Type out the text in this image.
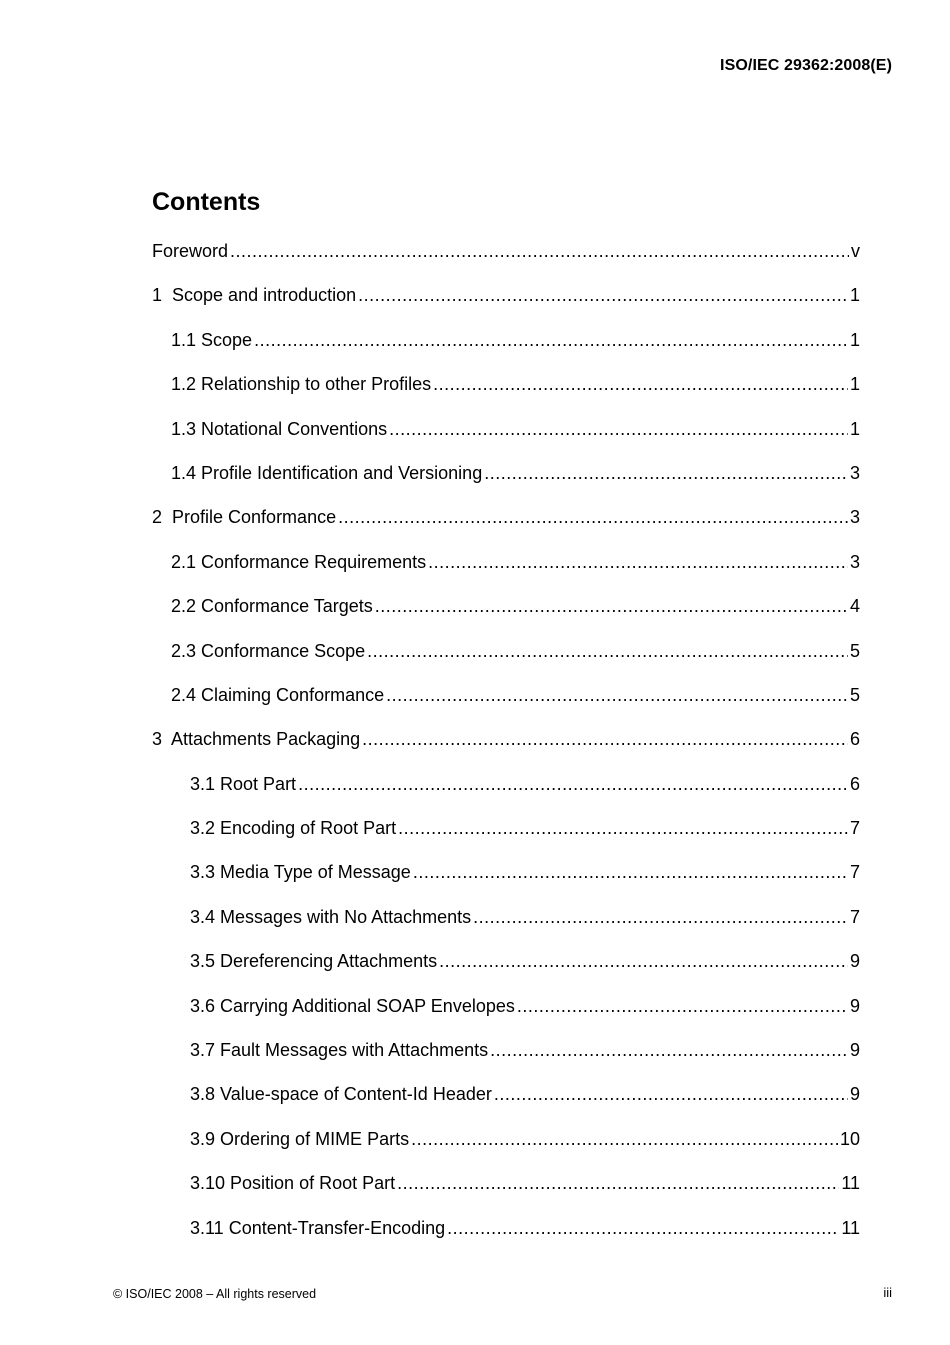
ISO/IEC 29362:2008(E)
Contents
Foreword .....	v
1  Scope and introduction .....	1
1.1 Scope .....	1
1.2 Relationship to other Profiles .....	1
1.3 Notational Conventions .....	1
1.4 Profile Identification and Versioning .....	3
2  Profile Conformance .....	3
2.1 Conformance Requirements .....	3
2.2 Conformance Targets .....	4
2.3 Conformance Scope .....	5
2.4 Claiming Conformance .....	5
3  Attachments Packaging .....	6
3.1 Root Part .....	6
3.2 Encoding of Root Part .....	7
3.3 Media Type of Message .....	7
3.4 Messages with No Attachments .....	7
3.5 Dereferencing Attachments .....	9
3.6 Carrying Additional SOAP Envelopes .....	9
3.7 Fault Messages with Attachments .....	9
3.8 Value-space of Content-Id Header .....	9
3.9 Ordering of MIME Parts .....	10
3.10 Position of Root Part .....	11
3.11 Content-Transfer-Encoding .....	11
© ISO/IEC 2008 – All rights reserved	iii
